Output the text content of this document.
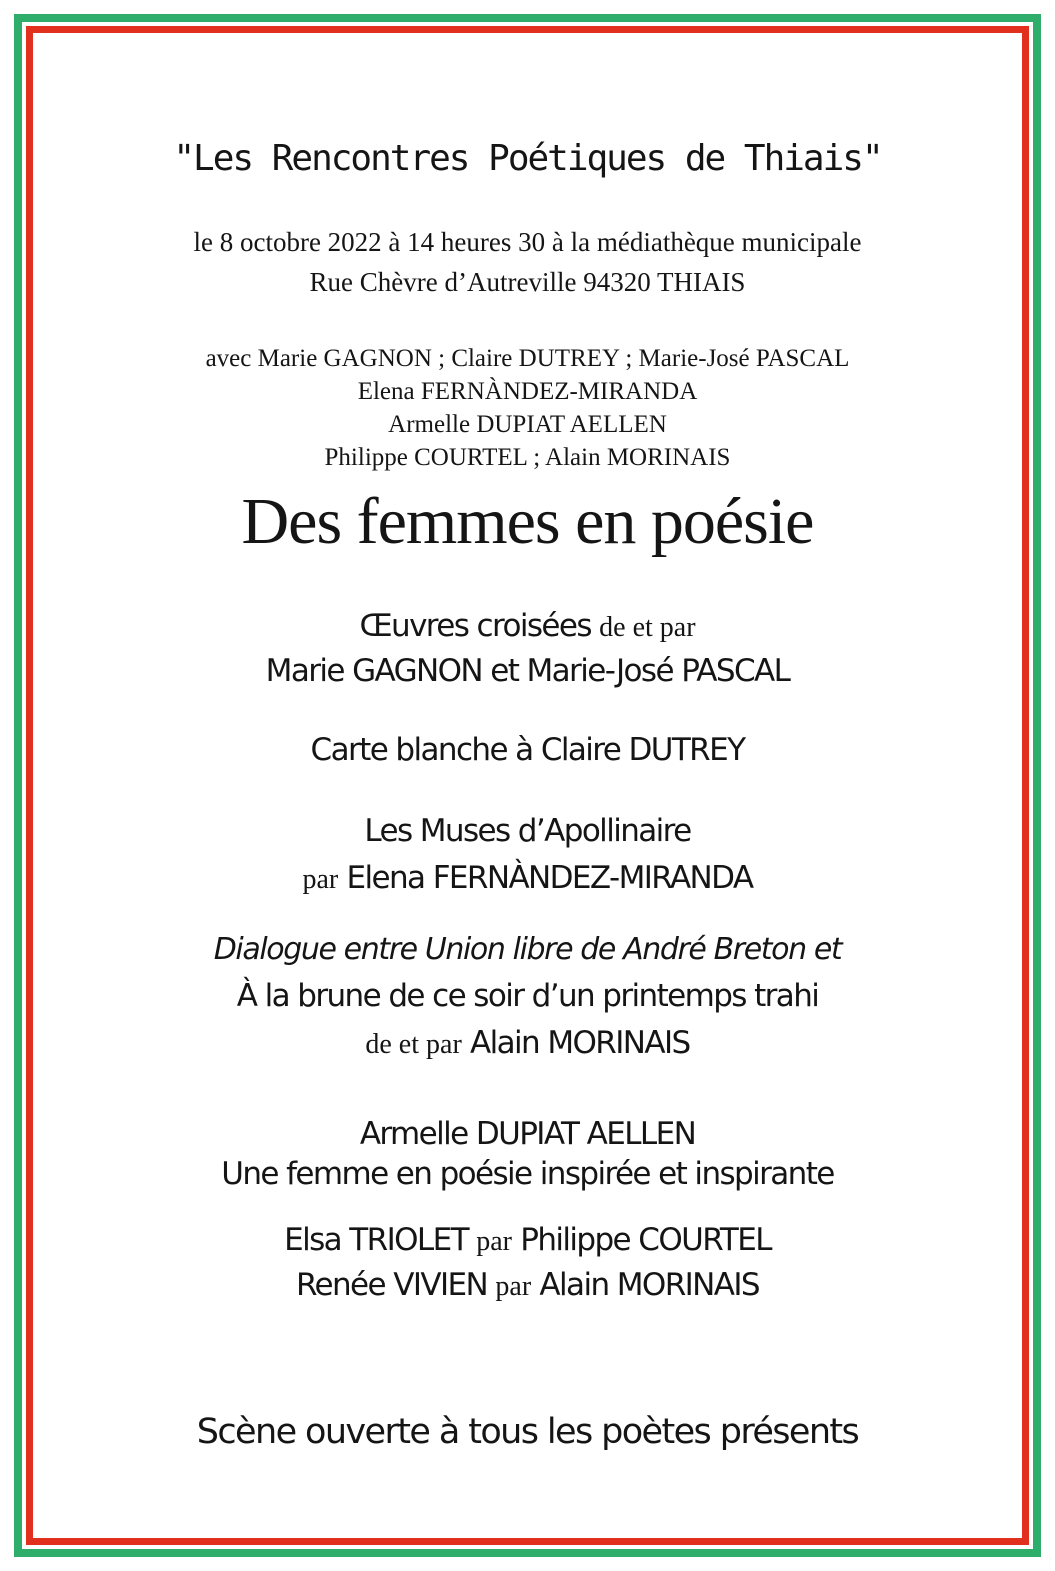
"Les Rencontres Poétiques de Thiais"
le 8 octobre 2022 à 14 heures 30 à la médiathèque municipale
Rue Chèvre d’Autreville 94320 THIAIS
avec Marie GAGNON ; Claire DUTREY ; Marie-José PASCAL
Elena FERNÀNDEZ-MIRANDA
Armelle DUPIAT AELLEN
Philippe COURTEL ; Alain MORINAIS
Des femmes en poésie
Œuvres croisées de et par
Marie GAGNON et Marie-José PASCAL
Carte blanche à Claire DUTREY
Les Muses d’Apollinaire
par Elena FERNÀNDEZ-MIRANDA
Dialogue entre Union libre de André Breton et
À la brune de ce soir d’un printemps trahi
de et par Alain MORINAIS
Armelle DUPIAT AELLEN
Une femme en poésie inspirée et inspirante
Elsa TRIOLET par Philippe COURTEL
Renée VIVIEN par Alain MORINAIS
Scène ouverte à tous les poètes présents
